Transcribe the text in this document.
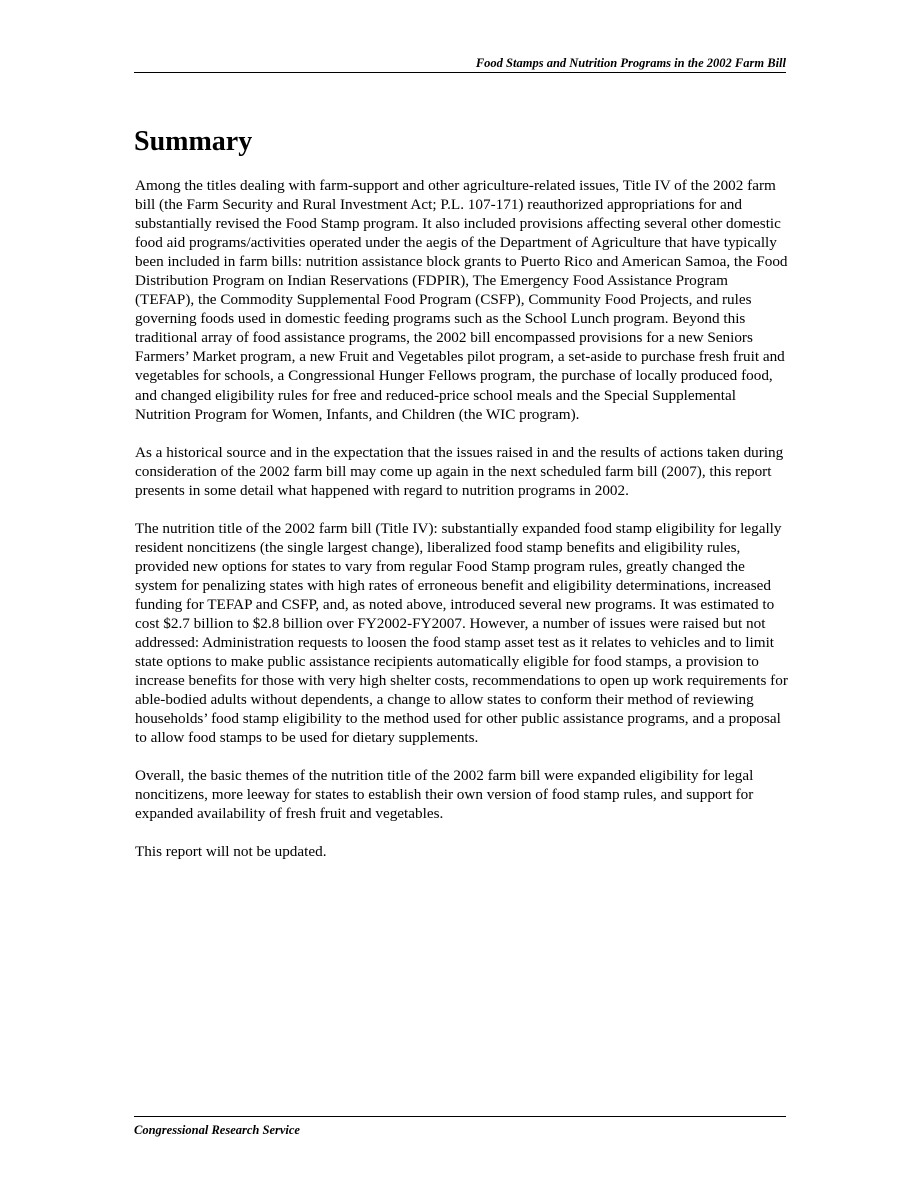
Food Stamps and Nutrition Programs in the 2002 Farm Bill
Summary

Among the titles dealing with farm-support and other agriculture-related issues, Title IV of the 2002 farm bill (the Farm Security and Rural Investment Act; P.L. 107-171) reauthorized appropriations for and substantially revised the Food Stamp program. It also included provisions affecting several other domestic food aid programs/activities operated under the aegis of the Department of Agriculture that have typically been included in farm bills: nutrition assistance block grants to Puerto Rico and American Samoa, the Food Distribution Program on Indian Reservations (FDPIR), The Emergency Food Assistance Program (TEFAP), the Commodity Supplemental Food Program (CSFP), Community Food Projects, and rules governing foods used in domestic feeding programs such as the School Lunch program. Beyond this traditional array of food assistance programs, the 2002 bill encompassed provisions for a new Seniors Farmers’ Market program, a new Fruit and Vegetables pilot program, a set-aside to purchase fresh fruit and vegetables for schools, a Congressional Hunger Fellows program, the purchase of locally produced food, and changed eligibility rules for free and reduced-price school meals and the Special Supplemental Nutrition Program for Women, Infants, and Children (the WIC program).

As a historical source and in the expectation that the issues raised in and the results of actions taken during consideration of the 2002 farm bill may come up again in the next scheduled farm bill (2007), this report presents in some detail what happened with regard to nutrition programs in 2002.

The nutrition title of the 2002 farm bill (Title IV): substantially expanded food stamp eligibility for legally resident noncitizens (the single largest change), liberalized food stamp benefits and eligibility rules, provided new options for states to vary from regular Food Stamp program rules, greatly changed the system for penalizing states with high rates of erroneous benefit and eligibility determinations, increased funding for TEFAP and CSFP, and, as noted above, introduced several new programs. It was estimated to cost $2.7 billion to $2.8 billion over FY2002-FY2007. However, a number of issues were raised but not addressed: Administration requests to loosen the food stamp asset test as it relates to vehicles and to limit state options to make public assistance recipients automatically eligible for food stamps, a provision to increase benefits for those with very high shelter costs, recommendations to open up work requirements for able-bodied adults without dependents, a change to allow states to conform their method of reviewing households’ food stamp eligibility to the method used for other public assistance programs, and a proposal to allow food stamps to be used for dietary supplements.

Overall, the basic themes of the nutrition title of the 2002 farm bill were expanded eligibility for legal noncitizens, more leeway for states to establish their own version of food stamp rules, and support for expanded availability of fresh fruit and vegetables.

This report will not be updated.

Congressional Research Service
